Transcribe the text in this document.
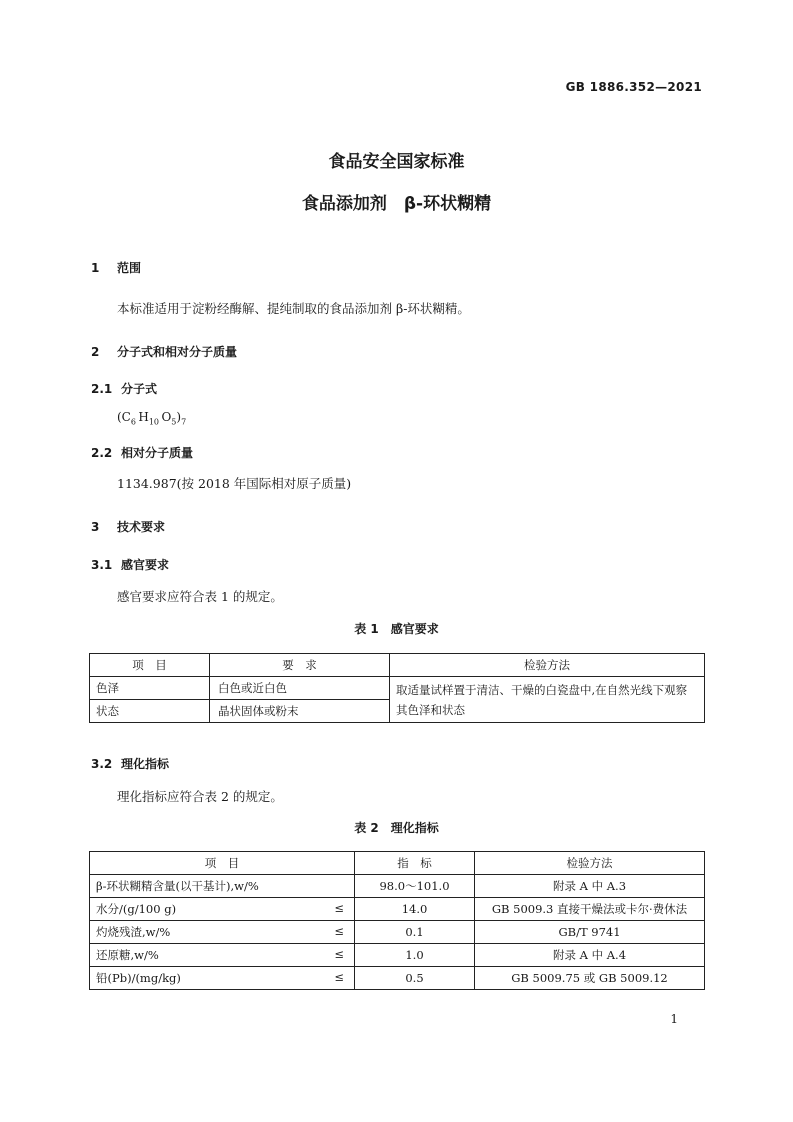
GB 1886.352—2021
食品安全国家标准
食品添加剂　β-环状糊精
1 范围
本标准适用于淀粉经酶解、提纯制取的食品添加剂 β-环状糊精。
2 分子式和相对分子质量
2.1 分子式
($C_6$  $H_{10}$  $O_5)_7$
2.2 相对分子质量
1134.987(按 2018 年国际相对原子质量)
3 技术要求
3.1 感官要求
感官要求应符合表 1 的规定。
表 1 感官要求
项　目	要　求	检验方法
色泽	白色或近白色	取适量试样置于清洁、干燥的白瓷盘中,在自然光线下观察其色泽和状态
状态	晶状固体或粉末	
3.2 理化指标
理化指标应符合表 2 的规定。
表 2 理化指标
项　目	指　标	检验方法
β-环状糊精含量(以干基计),w/%	98.0～101.0	附录 A 中 A.3
水分/(g/100 g) ≤	14.0	GB 5009.3 直接干燥法或卡尔·费休法
灼烧残渣,w/% ≤	0.1	GB/T 9741
还原糖,w/% ≤	1.0	附录 A 中 A.4
铅(Pb)/(mg/kg) ≤	0.5	GB 5009.75 或 GB 5009.12
1
